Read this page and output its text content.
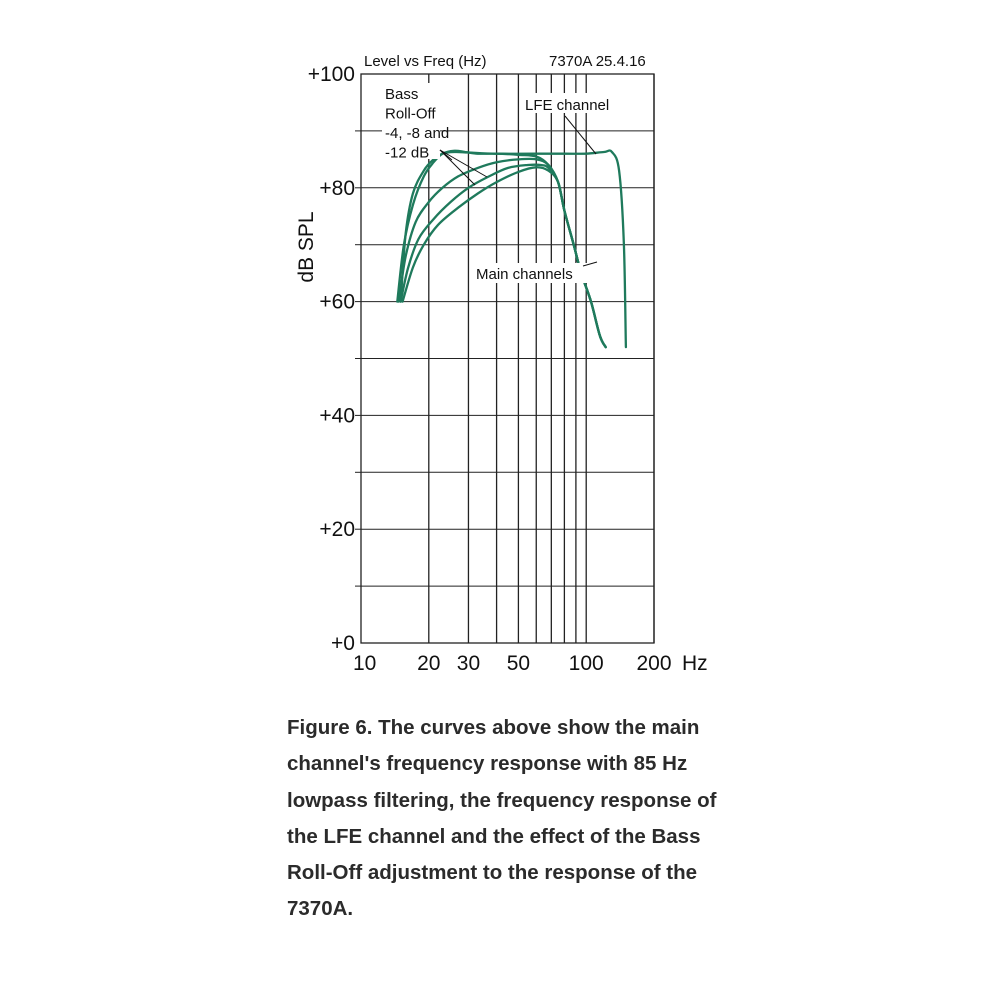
Bass
Roll-Off
-4, -8 and
-12 dB
LFE channel
Main channels
+0
+20
+40
+60
+80
+100
10 20 30 50 100 200 Hz
dB SPL
Level vs Freq (Hz)	7370A 25.4.16

Figure 6. The curves above show the main channel's frequency response with 85 Hz lowpass filtering, the frequency response of the LFE channel and the effect of the Bass Roll-Off adjustment to the response of the 7370A.
